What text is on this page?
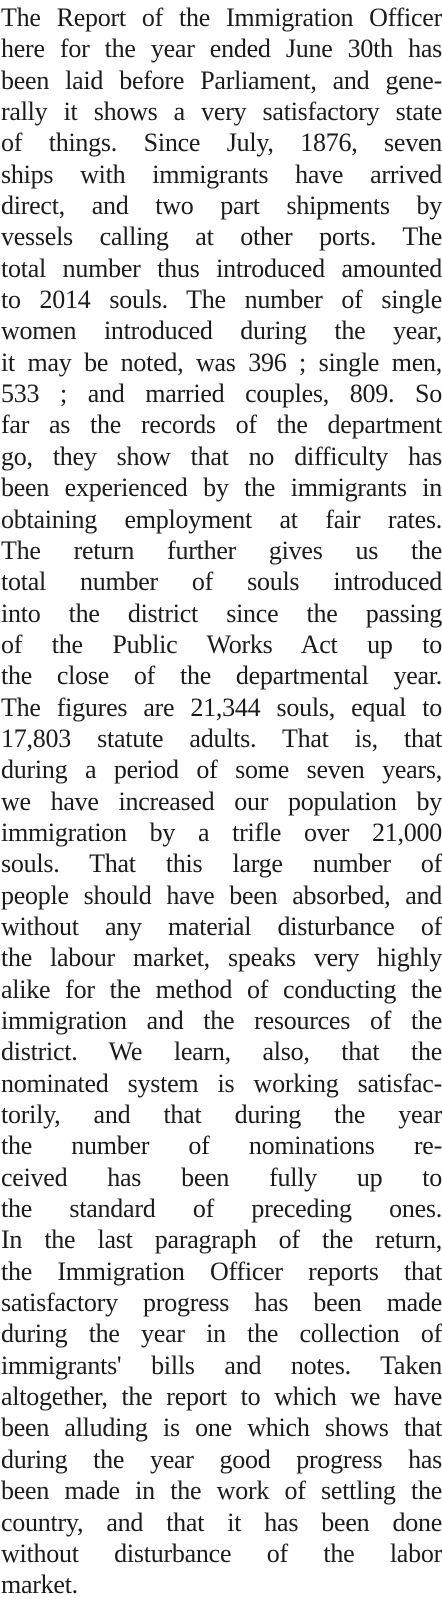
The Report of the Immigration Officer
here for the year ended June 30th has
been laid before Parliament, and gene-
rally it shows a very satisfactory state
of things. Since July, 1876, seven
ships with immigrants have arrived
direct, and two part shipments by
vessels calling at other ports. The
total number thus introduced amounted
to 2014 souls. The number of single
women introduced during the year,
it may be noted, was 396 ; single men,
533 ; and married couples, 809. So
far as the records of the department
go, they show that no difficulty has
been experienced by the immigrants in
obtaining employment at fair rates.
The return further gives us the
total number of souls introduced
into the district since the passing
of the Public Works Act up to
the close of the departmental year.
The figures are 21,344 souls, equal to
17,803 statute adults. That is, that
during a period of some seven years,
we have increased our population by
immigration by a trifle over 21,000
souls. That this large number of
people should have been absorbed, and
without any material disturbance of
the labour market, speaks very highly
alike for the method of conducting the
immigration and the resources of the
district. We learn, also, that the
nominated system is working satisfac-
torily, and that during the year
the number of nominations re-
ceived has been fully up to
the standard of preceding ones.
In the last paragraph of the return,
the Immigration Officer reports that
satisfactory progress has been made
during the year in the collection of
immigrants' bills and notes. Taken
altogether, the report to which we have
been alluding is one which shows that
during the year good progress has
been made in the work of settling the
country, and that it has been done
without disturbance of the labor
market.
